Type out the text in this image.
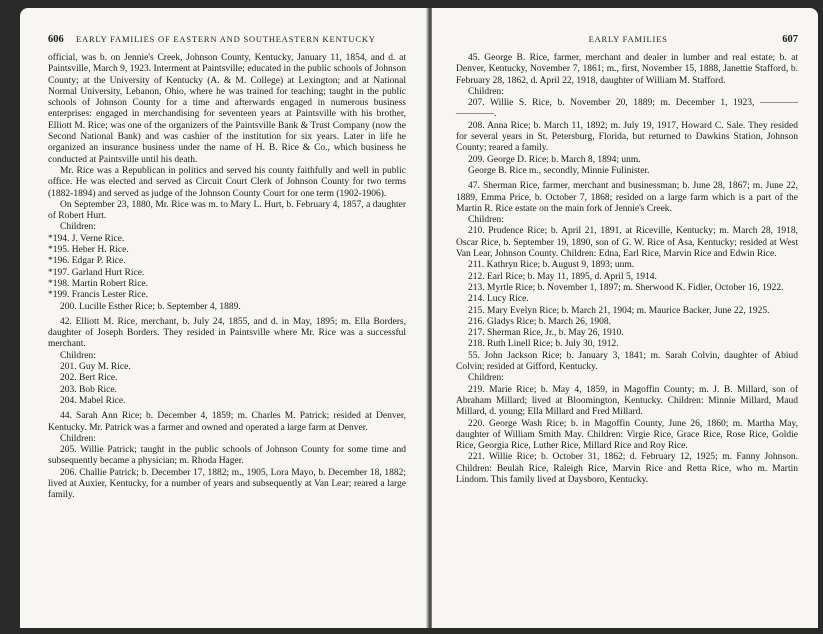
606 EARLY FAMILIES OF EASTERN AND SOUTHEASTERN KENTUCKY

official, was b. on Jennie's Creek, Johnson County, Kentucky, January 11, 1854, and d. at Paintsville, March 9, 1923. Interment at Paintsville; educated in the public schools of Johnson County; at the University of Kentucky (A. & M. College) at Lexington; and at National Normal University, Lebanon, Ohio, where he was trained for teaching; taught in the public schools of Johnson County for a time and afterwards engaged in numerous business enterprises: engaged in merchandising for seventeen years at Paintsville with his brother, Elliott M. Rice; was one of the organizers of the Paintsville Bank & Trust Company (now the Second National Bank) and was cashier of the institution for six years. Later in life he organized an insurance business under the name of H. B. Rice & Co., which business he conducted at Paintsville until his death.

Mr. Rice was a Republican in politics and served his county faithfully and well in public office. He was elected and served as Circuit Court Clerk of Johnson County for two terms (1882-1894) and served as judge of the Johnson County Court for one term (1902-1906).

On September 23, 1880, Mr. Rice was m. to Mary L. Hurt, b. February 4, 1857, a daughter of Robert Hurt.

Children:

*194. J. Verne Rice.

*195. Heber H. Rice.

*196. Edgar P. Rice.

*197. Garland Hurt Rice.

*198. Martin Robert Rice.

*199. Francis Lester Rice.

200. Lucille Esther Rice; b. September 4, 1889.

42. Elliott M. Rice, merchant, b. July 24, 1855, and d. in May, 1895; m. Ella Borders, daughter of Joseph Borders. They resided in Paintsville where Mr. Rice was a successful merchant.

Children:

201. Guy M. Rice.

202. Bert Rice.

203. Bob Rice.

204. Mabel Rice.

44. Sarah Ann Rice; b. December 4, 1859; m. Charles M. Patrick; resided at Denver, Kentucky. Mr. Patrick was a farmer and owned and operated a large farm at Denver.

Children:

205. Willie Patrick; taught in the public schools of Johnson County for some time and subsequently became a physician; m. Rhoda Hager.

206. Challie Patrick; b. December 17, 1882; m., 1905, Lora Mayo, b. December 18, 1882; lived at Auxier, Kentucky, for a number of years and subsequently at Van Lear; reared a large family.

EARLY FAMILIES	607

45. George B. Rice, farmer, merchant and dealer in lumber and real estate; b. at Denver, Kentucky, November 7, 1861; m., first, November 15, 1888, Janettie Stafford, b. February 28, 1862, d. April 22, 1918, daughter of William M. Stafford.

Children:

207. Willie S. Rice, b. November 20, 1889; m. December 1, 1923, ———— ————.

208. Anna Rice; b. March 11, 1892; m. July 19, 1917, Howard C. Sale. They resided for several years in St. Petersburg, Florida, but returned to Dawkins Station, Johnson County; reared a family.

209. George D. Rice; b. March 8, 1894; unm.

George B. Rice m., secondly, Minnie Fulinister.

47. Sherman Rice, farmer, merchant and businessman; b. June 28, 1867; m. June 22, 1889, Emma Price, b. October 7, 1868; resided on a large farm which is a part of the Martin R. Rice estate on the main fork of Jennie's Creek.

Children:

210. Prudence Rice; b. April 21, 1891, at Riceville, Kentucky; m. March 28, 1918, Oscar Rice, b. September 19, 1890, son of G. W. Rice of Asa, Kentucky; resided at West Van Lear, Johnson County. Children: Edna, Earl Rice, Marvin Rice and Edwin Rice.

211. Kathryn Rice; b. August 9, 1893; unm.

212. Earl Rice; b. May 11, 1895, d. April 5, 1914.

213. Myrtle Rice; b. November 1, 1897; m. Sherwood K. Fidler, October 16, 1922.

214. Lucy Rice.

215. Mary Evelyn Rice; b. March 21, 1904; m. Maurice Backer, June 22, 1925.

216. Gladys Rice; b. March 26, 1908.

217. Sherman Rice, Jr., b. May 26, 1910.

218. Ruth Linell Rice; b. July 30, 1912.

55. John Jackson Rice; b. January 3, 1841; m. Sarah Colvin, daughter of Abiud Colvin; resided at Gifford, Kentucky.

Children:

219. Marie Rice; b. May 4, 1859, in Magoffin County; m. J. B. Millard, son of Abraham Millard; lived at Bloomington, Kentucky. Children: Minnie Millard, Maud Millard, d. young; Ella Millard and Fred Millard.

220. George Wash Rice; b. in Magoffin County, June 26, 1860; m. Martha May, daughter of William Smith May. Children: Virgie Rice, Grace Rice, Rose Rice, Goldie Rice, Georgia Rice, Luther Rice, Millard Rice and Roy Rice.

221. Willie Rice; b. October 31, 1862; d. February 12, 1925; m. Fanny Johnson. Children: Beulah Rice, Raleigh Rice, Marvin Rice and Retta Rice, who m. Martin Lindom. This family lived at Daysboro, Kentucky.
